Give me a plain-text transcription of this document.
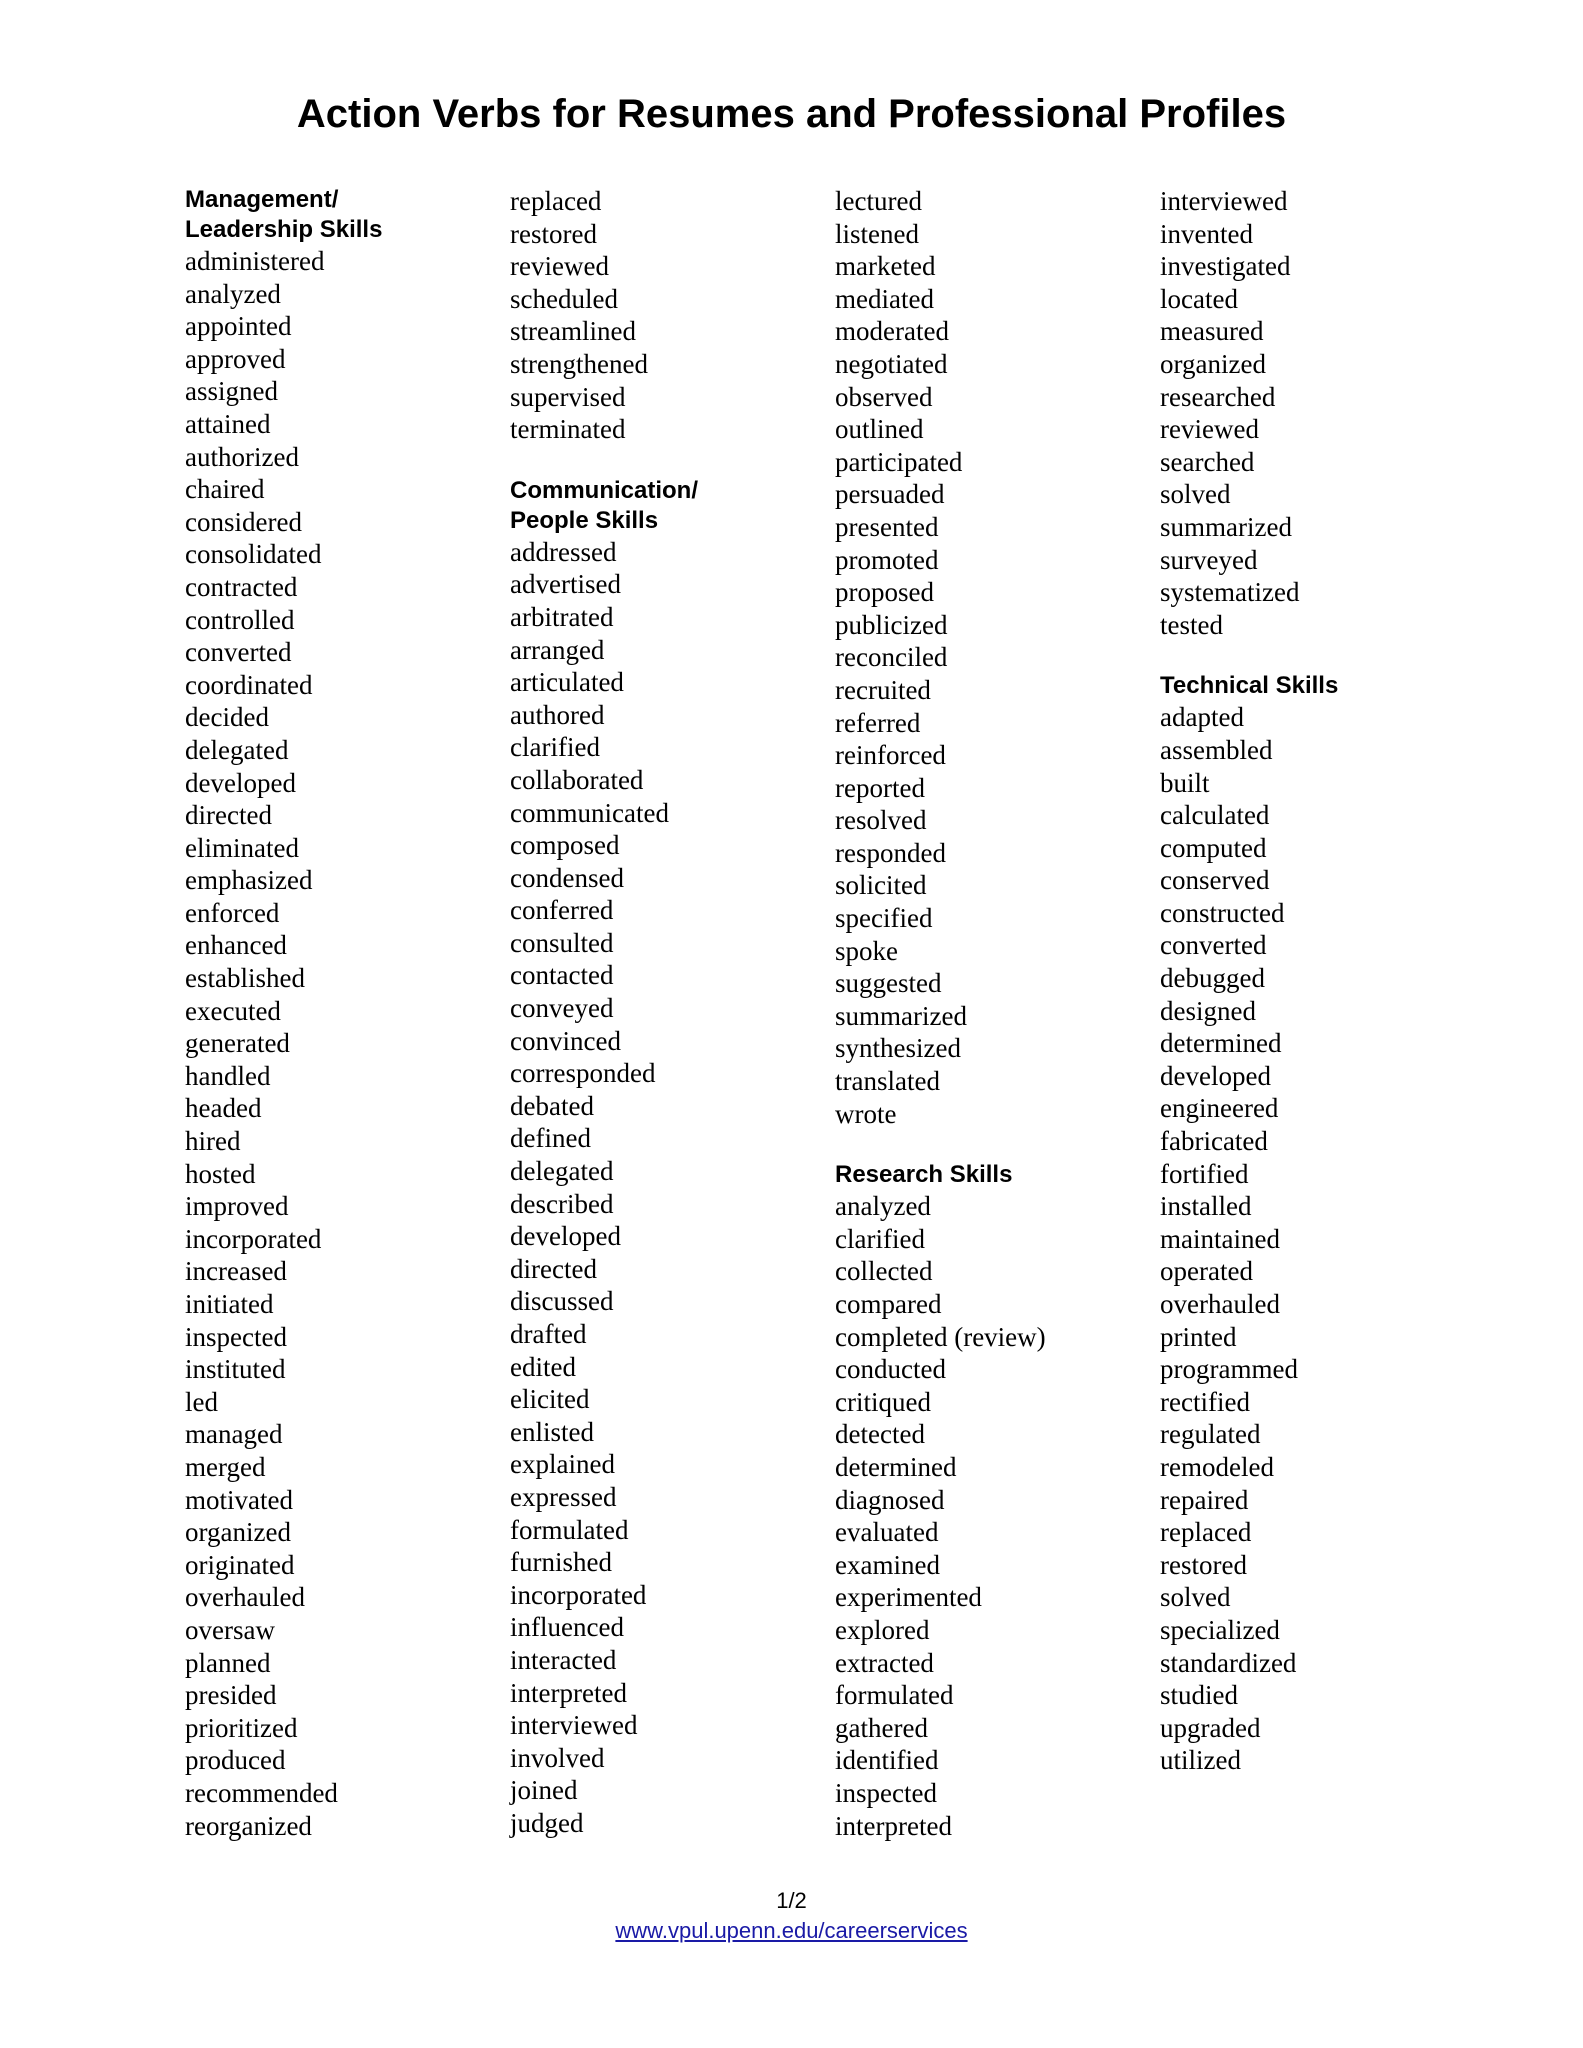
Action Verbs for Resumes and Professional Profiles
Management/
Leadership Skills
administered
analyzed
appointed
approved
assigned
attained
authorized
chaired
considered
consolidated
contracted
controlled
converted
coordinated
decided
delegated
developed
directed
eliminated
emphasized
enforced
enhanced
established
executed
generated
handled
headed
hired
hosted
improved
incorporated
increased
initiated
inspected
instituted
led
managed
merged
motivated
organized
originated
overhauled
oversaw
planned
presided
prioritized
produced
recommended
reorganized
replaced
restored
reviewed
scheduled
streamlined
strengthened
supervised
terminated
Communication/
People Skills
addressed
advertised
arbitrated
arranged
articulated
authored
clarified
collaborated
communicated
composed
condensed
conferred
consulted
contacted
conveyed
convinced
corresponded
debated
defined
delegated
described
developed
directed
discussed
drafted
edited
elicited
enlisted
explained
expressed
formulated
furnished
incorporated
influenced
interacted
interpreted
interviewed
involved
joined
judged
lectured
listened
marketed
mediated
moderated
negotiated
observed
outlined
participated
persuaded
presented
promoted
proposed
publicized
reconciled
recruited
referred
reinforced
reported
resolved
responded
solicited
specified
spoke
suggested
summarized
synthesized
translated
wrote
Research Skills
analyzed
clarified
collected
compared
completed (review)
conducted
critiqued
detected
determined
diagnosed
evaluated
examined
experimented
explored
extracted
formulated
gathered
identified
inspected
interpreted
interviewed
invented
investigated
located
measured
organized
researched
reviewed
searched
solved
summarized
surveyed
systematized
tested
Technical Skills
adapted
assembled
built
calculated
computed
conserved
constructed
converted
debugged
designed
determined
developed
engineered
fabricated
fortified
installed
maintained
operated
overhauled
printed
programmed
rectified
regulated
remodeled
repaired
replaced
restored
solved
specialized
standardized
studied
upgraded
utilized
1/2
www.vpul.upenn.edu/careerservices
